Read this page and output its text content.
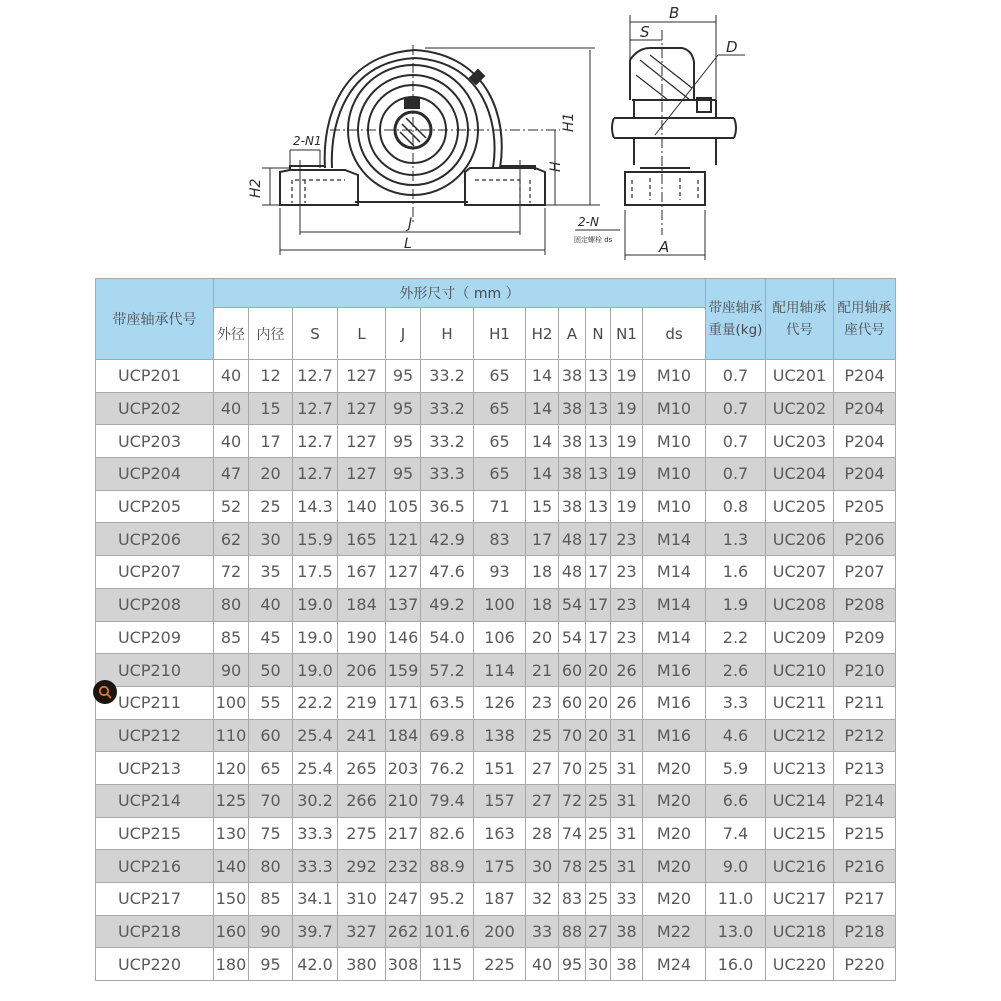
H1
H
H2
J
L
2-N1
2-N
固定螺栓 ds
B
S
D
A
带座轴承代号	外形尺寸（ mm ）												带座轴承重量(kg)	配用轴承代号	配用轴承座代号
	外径	内径	S	L	J	H	H1	H2	A	N	N1	ds			
UCP201	40	12	12.7	127	95	33.2	65	14	38	13	19	M10	0.7	UC201	P204
UCP202	40	15	12.7	127	95	33.2	65	14	38	13	19	M10	0.7	UC202	P204
UCP203	40	17	12.7	127	95	33.2	65	14	38	13	19	M10	0.7	UC203	P204
UCP204	47	20	12.7	127	95	33.3	65	14	38	13	19	M10	0.7	UC204	P204
UCP205	52	25	14.3	140	105	36.5	71	15	38	13	19	M10	0.8	UC205	P205
UCP206	62	30	15.9	165	121	42.9	83	17	48	17	23	M14	1.3	UC206	P206
UCP207	72	35	17.5	167	127	47.6	93	18	48	17	23	M14	1.6	UC207	P207
UCP208	80	40	19.0	184	137	49.2	100	18	54	17	23	M14	1.9	UC208	P208
UCP209	85	45	19.0	190	146	54.0	106	20	54	17	23	M14	2.2	UC209	P209
UCP210	90	50	19.0	206	159	57.2	114	21	60	20	26	M16	2.6	UC210	P210
UCP211	100	55	22.2	219	171	63.5	126	23	60	20	26	M16	3.3	UC211	P211
UCP212	110	60	25.4	241	184	69.8	138	25	70	20	31	M16	4.6	UC212	P212
UCP213	120	65	25.4	265	203	76.2	151	27	70	25	31	M20	5.9	UC213	P213
UCP214	125	70	30.2	266	210	79.4	157	27	72	25	31	M20	6.6	UC214	P214
UCP215	130	75	33.3	275	217	82.6	163	28	74	25	31	M20	7.4	UC215	P215
UCP216	140	80	33.3	292	232	88.9	175	30	78	25	31	M20	9.0	UC216	P216
UCP217	150	85	34.1	310	247	95.2	187	32	83	25	33	M20	11.0	UC217	P217
UCP218	160	90	39.7	327	262	101.6	200	33	88	27	38	M22	13.0	UC218	P218
UCP220	180	95	42.0	380	308	115	225	40	95	30	38	M24	16.0	UC220	P220
